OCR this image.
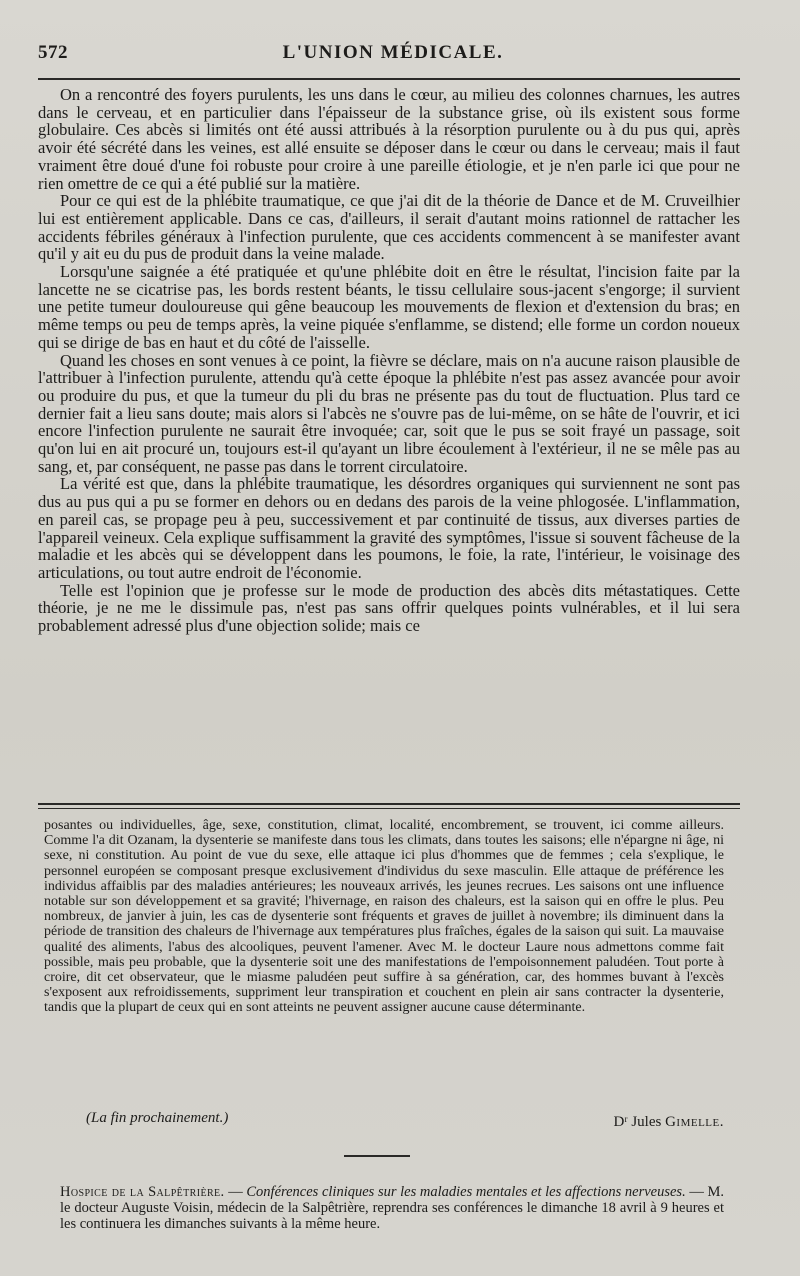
572	L'UNION MÉDICALE.

On a rencontré des foyers purulents, les uns dans le cœur, au milieu des colonnes charnues, les autres dans le cerveau, et en particulier dans l'épaisseur de la substance grise, où ils existent sous forme globulaire. Ces abcès si limités ont été aussi attribués à la résorption purulente ou à du pus qui, après avoir été sécrété dans les veines, est allé ensuite se déposer dans le cœur ou dans le cerveau; mais il faut vraiment être doué d'une foi robuste pour croire à une pareille étiologie, et je n'en parle ici que pour ne rien omettre de ce qui a été publié sur la matière.

Pour ce qui est de la phlébite traumatique, ce que j'ai dit de la théorie de Dance et de M. Cruveilhier lui est entièrement applicable. Dans ce cas, d'ailleurs, il serait d'autant moins rationnel de rattacher les accidents fébriles généraux à l'infection purulente, que ces accidents commencent à se manifester avant qu'il y ait eu du pus de produit dans la veine malade.

Lorsqu'une saignée a été pratiquée et qu'une phlébite doit en être le résultat, l'incision faite par la lancette ne se cicatrise pas, les bords restent béants, le tissu cellulaire sous-jacent s'engorge; il survient une petite tumeur douloureuse qui gêne beaucoup les mouvements de flexion et d'extension du bras; en même temps ou peu de temps après, la veine piquée s'enflamme, se distend; elle forme un cordon noueux qui se dirige de bas en haut et du côté de l'aisselle.

Quand les choses en sont venues à ce point, la fièvre se déclare, mais on n'a aucune raison plausible de l'attribuer à l'infection purulente, attendu qu'à cette époque la phlébite n'est pas assez avancée pour avoir ou produire du pus, et que la tumeur du pli du bras ne présente pas du tout de fluctuation. Plus tard ce dernier fait a lieu sans doute; mais alors si l'abcès ne s'ouvre pas de lui-même, on se hâte de l'ouvrir, et ici encore l'infection purulente ne saurait être invoquée; car, soit que le pus se soit frayé un passage, soit qu'on lui en ait procuré un, toujours est-il qu'ayant un libre écoulement à l'extérieur, il ne se mêle pas au sang, et, par conséquent, ne passe pas dans le torrent circulatoire.

La vérité est que, dans la phlébite traumatique, les désordres organiques qui surviennent ne sont pas dus au pus qui a pu se former en dehors ou en dedans des parois de la veine phlogosée. L'inflammation, en pareil cas, se propage peu à peu, successivement et par continuité de tissus, aux diverses parties de l'appareil veineux. Cela explique suffisamment la gravité des symptômes, l'issue si souvent fâcheuse de la maladie et les abcès qui se développent dans les poumons, le foie, la rate, l'intérieur, le voisinage des articulations, ou tout autre endroit de l'économie.

Telle est l'opinion que je professe sur le mode de production des abcès dits métastatiques. Cette théorie, je ne me le dissimule pas, n'est pas sans offrir quelques points vulnérables, et il lui sera probablement adressé plus d'une objection solide; mais ce

posantes ou individuelles, âge, sexe, constitution, climat, localité, encombrement, se trouvent, ici comme ailleurs. Comme l'a dit Ozanam, la dysenterie se manifeste dans tous les climats, dans toutes les saisons; elle n'épargne ni âge, ni sexe, ni constitution. Au point de vue du sexe, elle attaque ici plus d'hommes que de femmes ; cela s'explique, le personnel européen se composant presque exclusivement d'individus du sexe masculin. Elle attaque de préférence les individus affaiblis par des maladies antérieures; les nouveaux arrivés, les jeunes recrues. Les saisons ont une influence notable sur son développement et sa gravité; l'hivernage, en raison des chaleurs, est la saison qui en offre le plus. Peu nombreux, de janvier à juin, les cas de dysenterie sont fréquents et graves de juillet à novembre; ils diminuent dans la période de transition des chaleurs de l'hivernage aux températures plus fraîches, égales de la saison qui suit. La mauvaise qualité des aliments, l'abus des alcooliques, peuvent l'amener. Avec M. le docteur Laure nous admettons comme fait possible, mais peu probable, que la dysenterie soit une des manifestations de l'empoisonnement paludéen. Tout porte à croire, dit cet observateur, que le miasme paludéen peut suffire à sa génération, car, des hommes buvant à l'excès s'exposent aux refroidissements, suppriment leur transpiration et couchent en plein air sans contracter la dysenterie, tandis que la plupart de ceux qui en sont atteints ne peuvent assigner aucune cause déterminante.

(La fin prochainement.)	Dʳ Jules Gimelle.

Hospice de la Salpêtrière. — Conférences cliniques sur les maladies mentales et les affections nerveuses. — M. le docteur Auguste Voisin, médecin de la Salpêtrière, reprendra ses conférences le dimanche 18 avril à 9 heures et les continuera les dimanches suivants à la même heure.
